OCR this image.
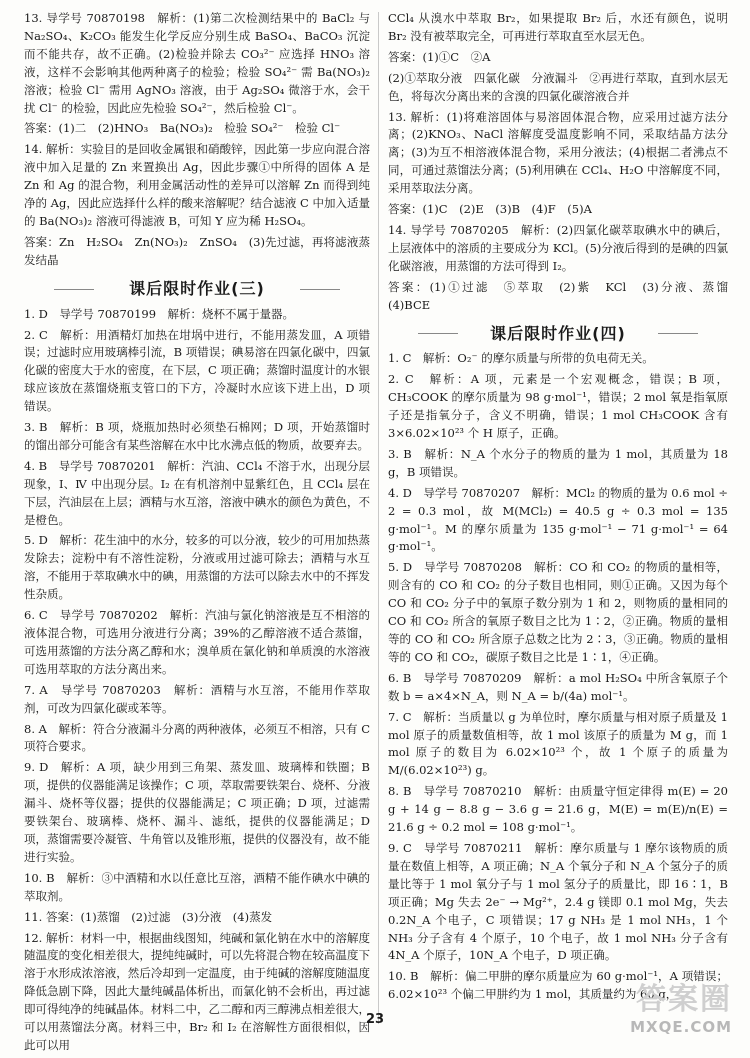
13. 导学号 70870198　解析：(1)第二次检测结果中的 BaCl₂ 与 Na₂SO₄、K₂CO₃ 能发生化学反应分别生成 BaSO₄、BaCO₃ 沉淀而不能共存，故不正确。(2)检验并除去 CO₃²⁻ 应选择 HNO₃ 溶液，这样不会影响其他两种离子的检验；检验 SO₄²⁻ 需 Ba(NO₃)₂ 溶液；检验 Cl⁻ 需用 AgNO₃ 溶液，由于 Ag₂SO₄ 微溶于水，会干扰 Cl⁻ 的检验，因此应先检验 SO₄²⁻，然后检验 Cl⁻。

答案：(1)二　(2)HNO₃　Ba(NO₃)₂　检验 SO₄²⁻　检验 Cl⁻

14. 解析：实验目的是回收金属银和硝酸锌，因此第一步应向混合溶液中加入足量的 Zn 来置换出 Ag，因此步骤①中所得的固体 A 是 Zn 和 Ag 的混合物，利用金属活动性的差异可以溶解 Zn 而得到纯净的 Ag，因此应选择什么样的酸来溶解呢？结合滤液 C 中加入适量的 Ba(NO₃)₂ 溶液可得滤液 B，可知 Y 应为稀 H₂SO₄。

答案：Zn　H₂SO₄　Zn(NO₃)₂　ZnSO₄　(3)先过滤，再将滤液蒸发结晶

课后限时作业(三)

1. D　导学号 70870199　解析：烧杯不属于量器。

2. C　解析：用酒精灯加热在坩埚中进行，不能用蒸发皿，A 项错误；过滤时应用玻璃棒引流，B 项错误；碘易溶在四氯化碳中，四氯化碳的密度大于水的密度，在下层，C 项正确；蒸馏时温度计的水银球应该放在蒸馏烧瓶支管口的下方，冷凝时水应该下进上出，D 项错误。

3. B　解析：B 项，烧瓶加热时必须垫石棉网；D 项，开始蒸馏时的馏出部分可能含有某些溶解在水中比水沸点低的物质，故要弃去。

4. B　导学号 70870201　解析：汽油、CCl₄ 不溶于水，出现分层现象，Ⅰ、Ⅳ 中出现分层。I₂ 在有机溶剂中显紫红色，且 CCl₄ 层在下层，汽油层在上层；酒精与水互溶，溶液中碘水的颜色为黄色，不是橙色。

5. D　解析：花生油中的水分，较多的可以分液，较少的可用加热蒸发除去；淀粉中有不溶性淀粉，分液或用过滤可除去；酒精与水互溶，不能用于萃取碘水中的碘，用蒸馏的方法可以除去水中的不挥发性杂质。

6. C　导学号 70870202　解析：汽油与氯化钠溶液是互不相溶的液体混合物，可选用分液进行分离；39%的乙醇溶液不适合蒸馏，可选用蒸馏的方法分离乙醇和水；溴单质在氯化钠和单质溴的水溶液可选用萃取的方法分离出来。

7. A　导学号 70870203　解析：酒精与水互溶，不能用作萃取剂，可改为四氯化碳或苯等。

8. A　解析：符合分液漏斗分离的两种液体，必须互不相溶，只有 C 项符合要求。

9. D　解析：A 项，缺少用到三角架、蒸发皿、玻璃棒和铁圈；B 项，提供的仪器能满足该操作；C 项，萃取需要铁架台、烧杯、分液漏斗、烧杯等仪器；提供的仪器能满足；C 项正确；D 项，过滤需要铁架台、玻璃棒、烧杯、漏斗、滤纸，提供的仪器能满足；D 项，蒸馏需要冷凝管、牛角管以及锥形瓶，提供的仪器没有，故不能进行实验。

10. B　解析：③中酒精和水以任意比互溶，酒精不能作碘水中碘的萃取剂。

11. 答案：(1)蒸馏　(2)过滤　(3)分液　(4)蒸发

12. 解析：材料一中，根据曲线图知，纯碱和氯化钠在水中的溶解度随温度的变化相差很大，提纯纯碱时，可以先将混合物在较高温度下溶于水形成浓溶液，然后冷却到一定温度，由于纯碱的溶解度随温度降低急剧下降，因此大量纯碱晶体析出，而氯化钠不会析出，再过滤即可得纯净的纯碱晶体。材料二中，乙二醇和丙三醇沸点相差很大，可以用蒸馏法分离。材料三中，Br₂ 和 I₂ 在溶解性方面很相似，因此可以用

CCl₄ 从溴水中萃取 Br₂，如果提取 Br₂ 后，水还有颜色，说明 Br₂ 没有被萃取完全，可再进行萃取直至水层无色。

答案：(1)①C　②A

(2)①萃取分液　四氯化碳　分液漏斗　②再进行萃取，直到水层无色，将每次分离出来的含溴的四氯化碳溶液合并

13. 解析：(1)将难溶固体与易溶固体混合物，应采用过滤方法分离；(2)KNO₃、NaCl 溶解度受温度影响不同，采取结晶方法分离；(3)为互不相溶液体混合物，采用分液法；(4)根据二者沸点不同，可通过蒸馏法分离；(5)利用碘在 CCl₄、H₂O 中溶解度不同，采用萃取法分离。

答案：(1)C　(2)E　(3)B　(4)F　(5)A

14. 导学号 70870205　解析：(2)四氯化碳萃取碘水中的碘后，上层液体中的溶质的主要成分为 KCl。(5)分液后得到的是碘的四氯化碳溶液，用蒸馏的方法可得到 I₂。

答案：(1)①过滤　⑤萃取　(2)紫　KCl　(3)分液、蒸馏　(4)BCE

课后限时作业(四)

1. C　解析：O₂⁻ 的摩尔质量与所带的负电荷无关。

2. C　解析：A 项，元素是一个宏观概念，错误；B 项，CH₃COOK 的摩尔质量为 98 g·mol⁻¹，错误；2 mol 氧是指氧原子还是指氧分子，含义不明确，错误；1 mol CH₃COOK 含有 3×6.02×10²³ 个 H 原子，正确。

3. B　解析：N_A 个水分子的物质的量为 1 mol，其质量为 18 g，B 项错误。

4. D　导学号 70870207　解析：MCl₂ 的物质的量为 0.6 mol ÷ 2 = 0.3 mol，故 M(MCl₂) = 40.5 g ÷ 0.3 mol = 135 g·mol⁻¹。M 的摩尔质量为 135 g·mol⁻¹ − 71 g·mol⁻¹ = 64 g·mol⁻¹。

5. D　导学号 70870208　解析：CO 和 CO₂ 的物质的量相等，则含有的 CO 和 CO₂ 的分子数目也相同，则①正确。又因为每个 CO 和 CO₂ 分子中的氧原子数分别为 1 和 2，则物质的量相同的 CO 和 CO₂ 所含的氧原子数目之比为 1∶2，②正确。物质的量相等的 CO 和 CO₂ 所含原子总数之比为 2∶3，③正确。物质的量相等的 CO 和 CO₂，碳原子数目之比是 1∶1，④正确。

6. B　导学号 70870209　解析：a mol H₂SO₄ 中所含氧原子个数 b = a×4×N_A，则 N_A = b/(4a) mol⁻¹。

7. C　解析：当质量以 g 为单位时，摩尔质量与相对原子质量及 1 mol 原子的质量数值相等，故 1 mol 该原子的质量为 M g，而 1 mol 原子的数目为 6.02×10²³ 个，故 1 个原子的质量为 M/(6.02×10²³) g。

8. B　导学号 70870210　解析：由质量守恒定律得 m(E) = 20 g + 14 g − 8.8 g − 3.6 g = 21.6 g，M(E) = m(E)/n(E) = 21.6 g ÷ 0.2 mol = 108 g·mol⁻¹。

9. C　导学号 70870211　解析：摩尔质量与 1 摩尔该物质的质量在数值上相等，A 项正确；N_A 个氧分子和 N_A 个氢分子的质量比等于 1 mol 氧分子与 1 mol 氢分子的质量比，即 16∶1，B 项正确；Mg 失去 2e⁻ → Mg²⁺，2.4 g 镁即 0.1 mol Mg，失去 0.2N_A 个电子，C 项错误；17 g NH₃ 是 1 mol NH₃，1 个 NH₃ 分子含有 4 个原子，10 个电子，故 1 mol NH₃ 分子含有 4N_A 个原子，10N_A 个电子，D 项正确。

10. B　解析：偏二甲肼的摩尔质量应为 60 g·mol⁻¹，A 项错误；6.02×10²³ 个偏二甲肼约为 1 mol，其质量约为 60 g，

23
答案圈
MXQE.COM
